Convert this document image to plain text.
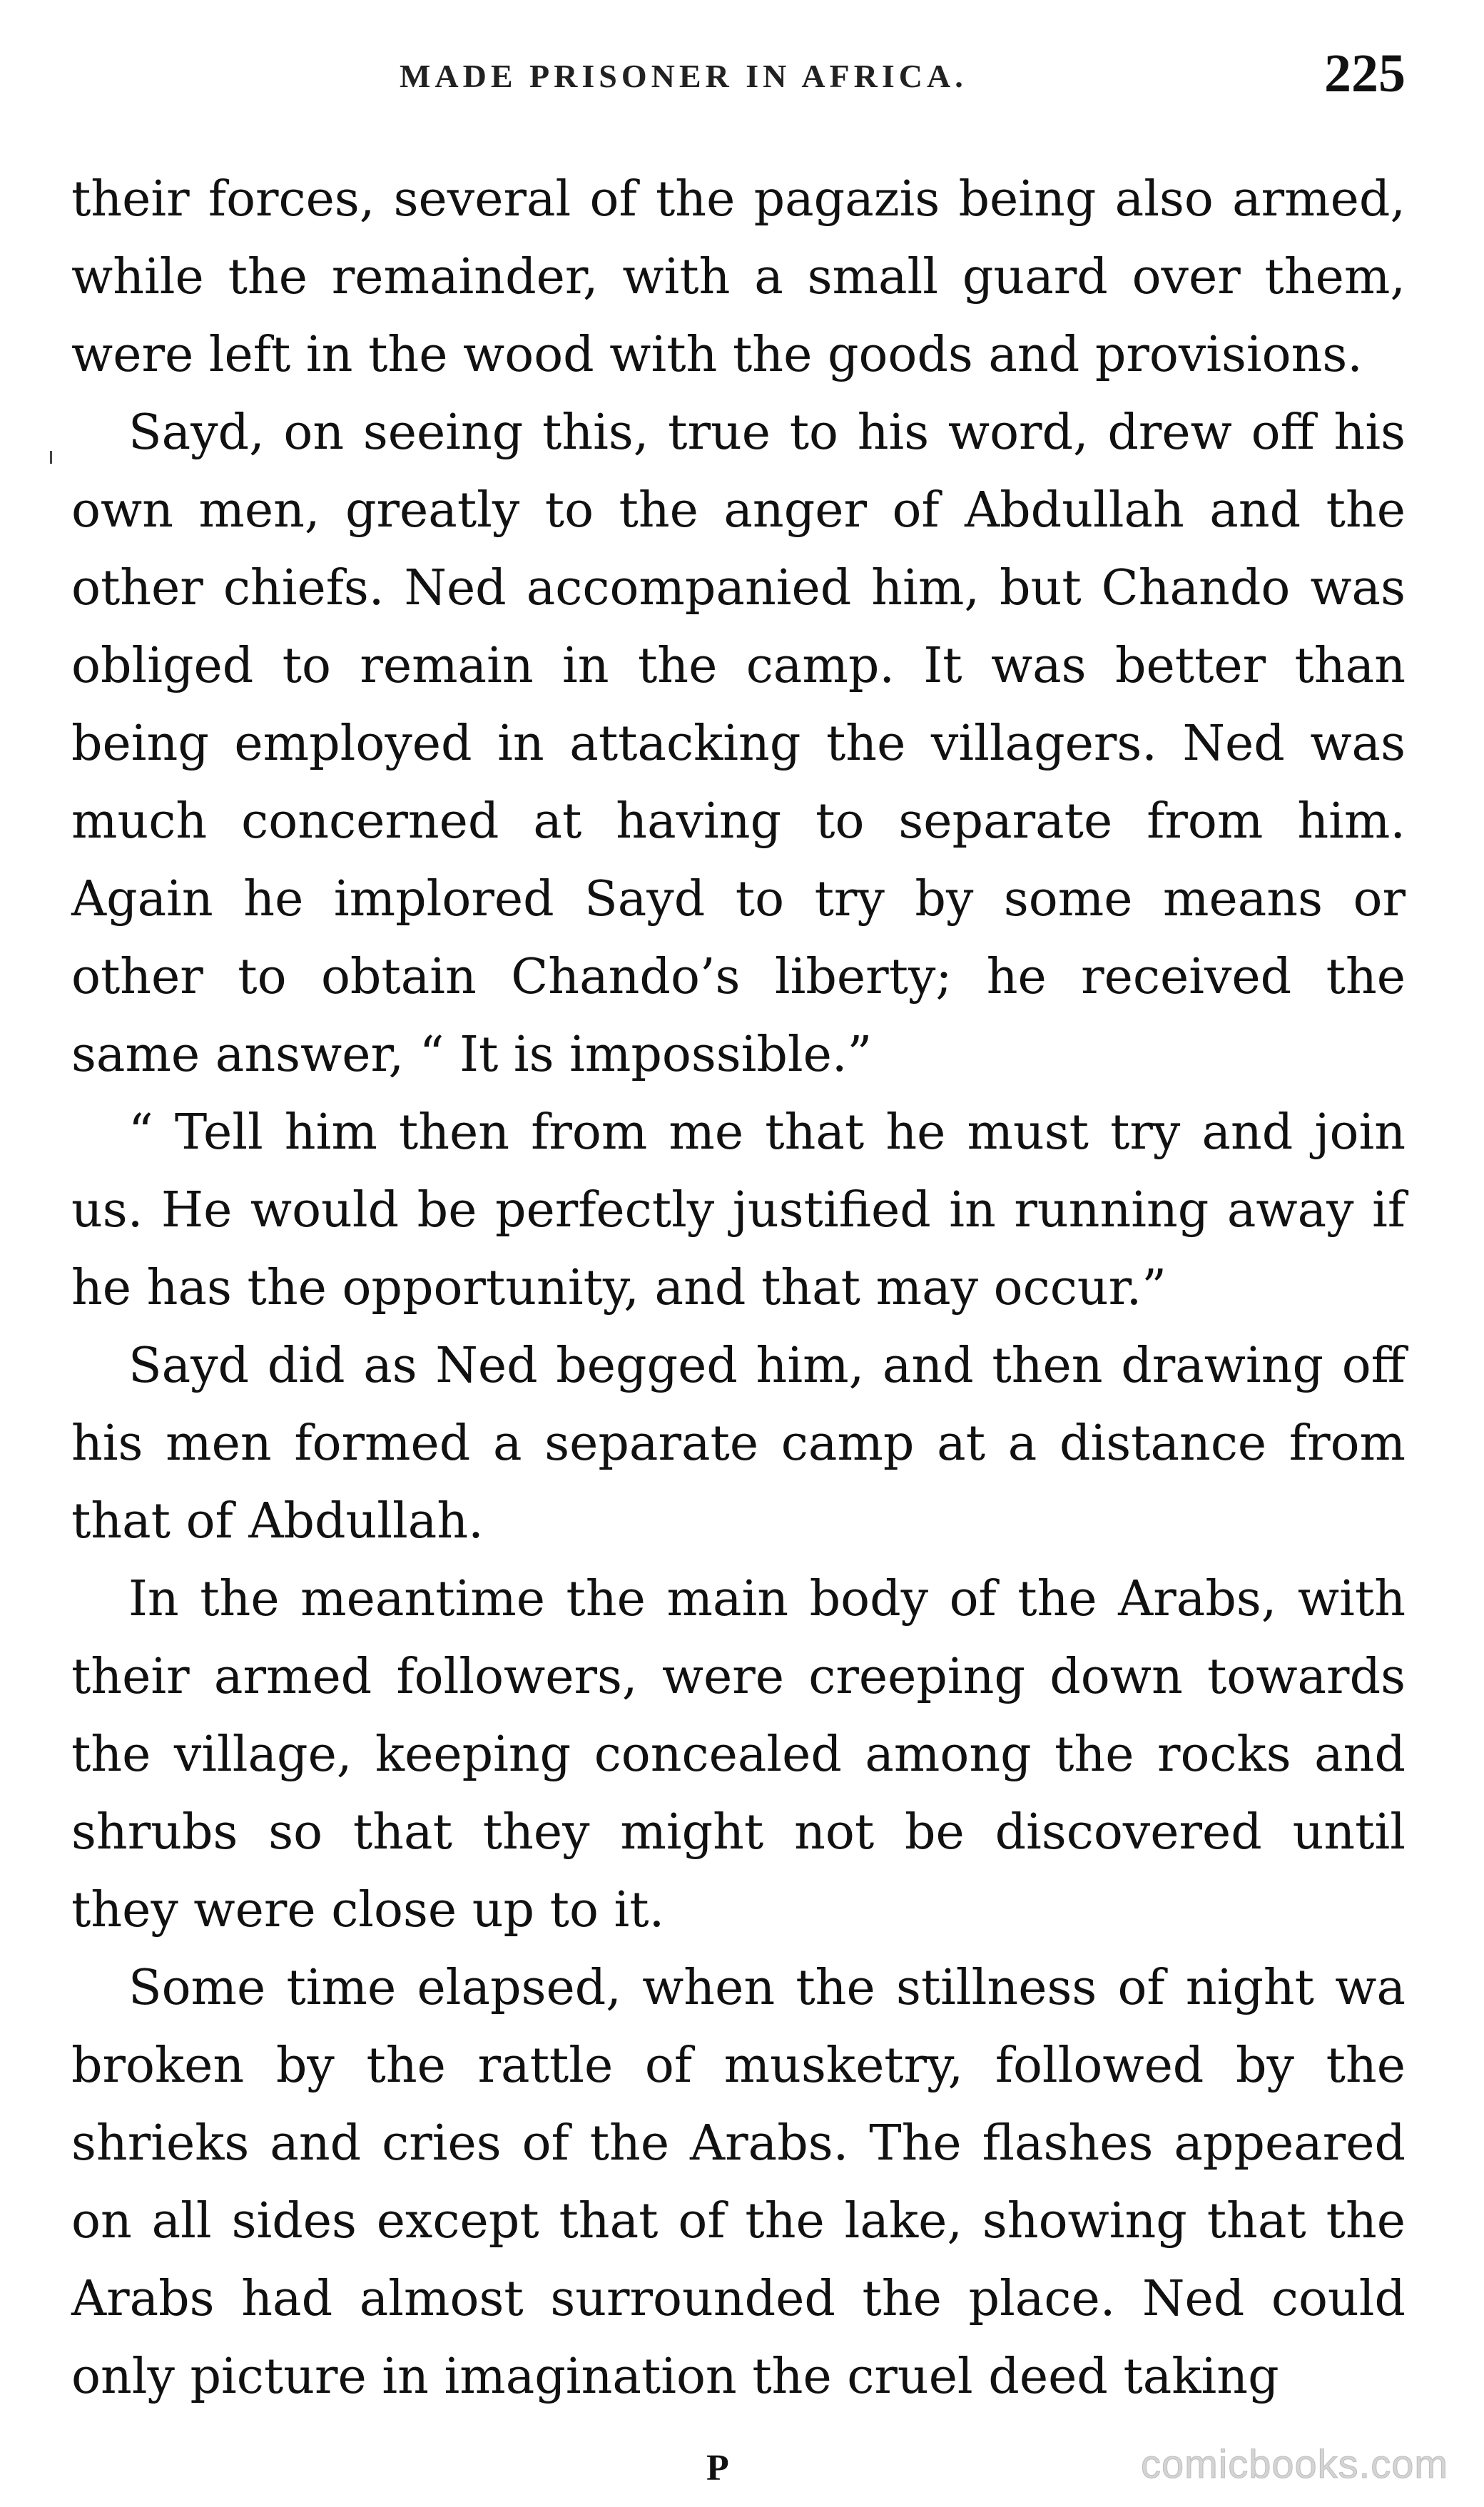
MADE PRISONER IN AFRICA.	225

their forces, several of the pagazis being also armed, while the remainder, with a small guard over them, were left in the wood with the goods and provisions.

Sayd, on seeing this, true to his word, drew off his own men, greatly to the anger of Abdullah and the other chiefs. Ned accompanied him, but Chando was obliged to remain in the camp. It was better than being employed in attacking the villagers. Ned was much concerned at having to separate from him. Again he implored Sayd to try by some means or other to obtain Chando’s liberty; he received the same answer, “ It is impossible.”

“ Tell him then from me that he must try and join us. He would be perfectly justified in running away if he has the opportunity, and that may occur.”

Sayd did as Ned begged him, and then drawing off his men formed a separate camp at a distance from that of Abdullah.

In the meantime the main body of the Arabs, with their armed followers, were creeping down towards the village, keeping concealed among the rocks and shrubs so that they might not be discovered until they were close up to it.

Some time elapsed, when the stillness of night wa broken by the rattle of musketry, followed by the shrieks and cries of the Arabs. The flashes appeared on all sides except that of the lake, showing that the Arabs had almost surrounded the place. Ned could only picture in imagination the cruel deed taking

P	comicbooks.com
